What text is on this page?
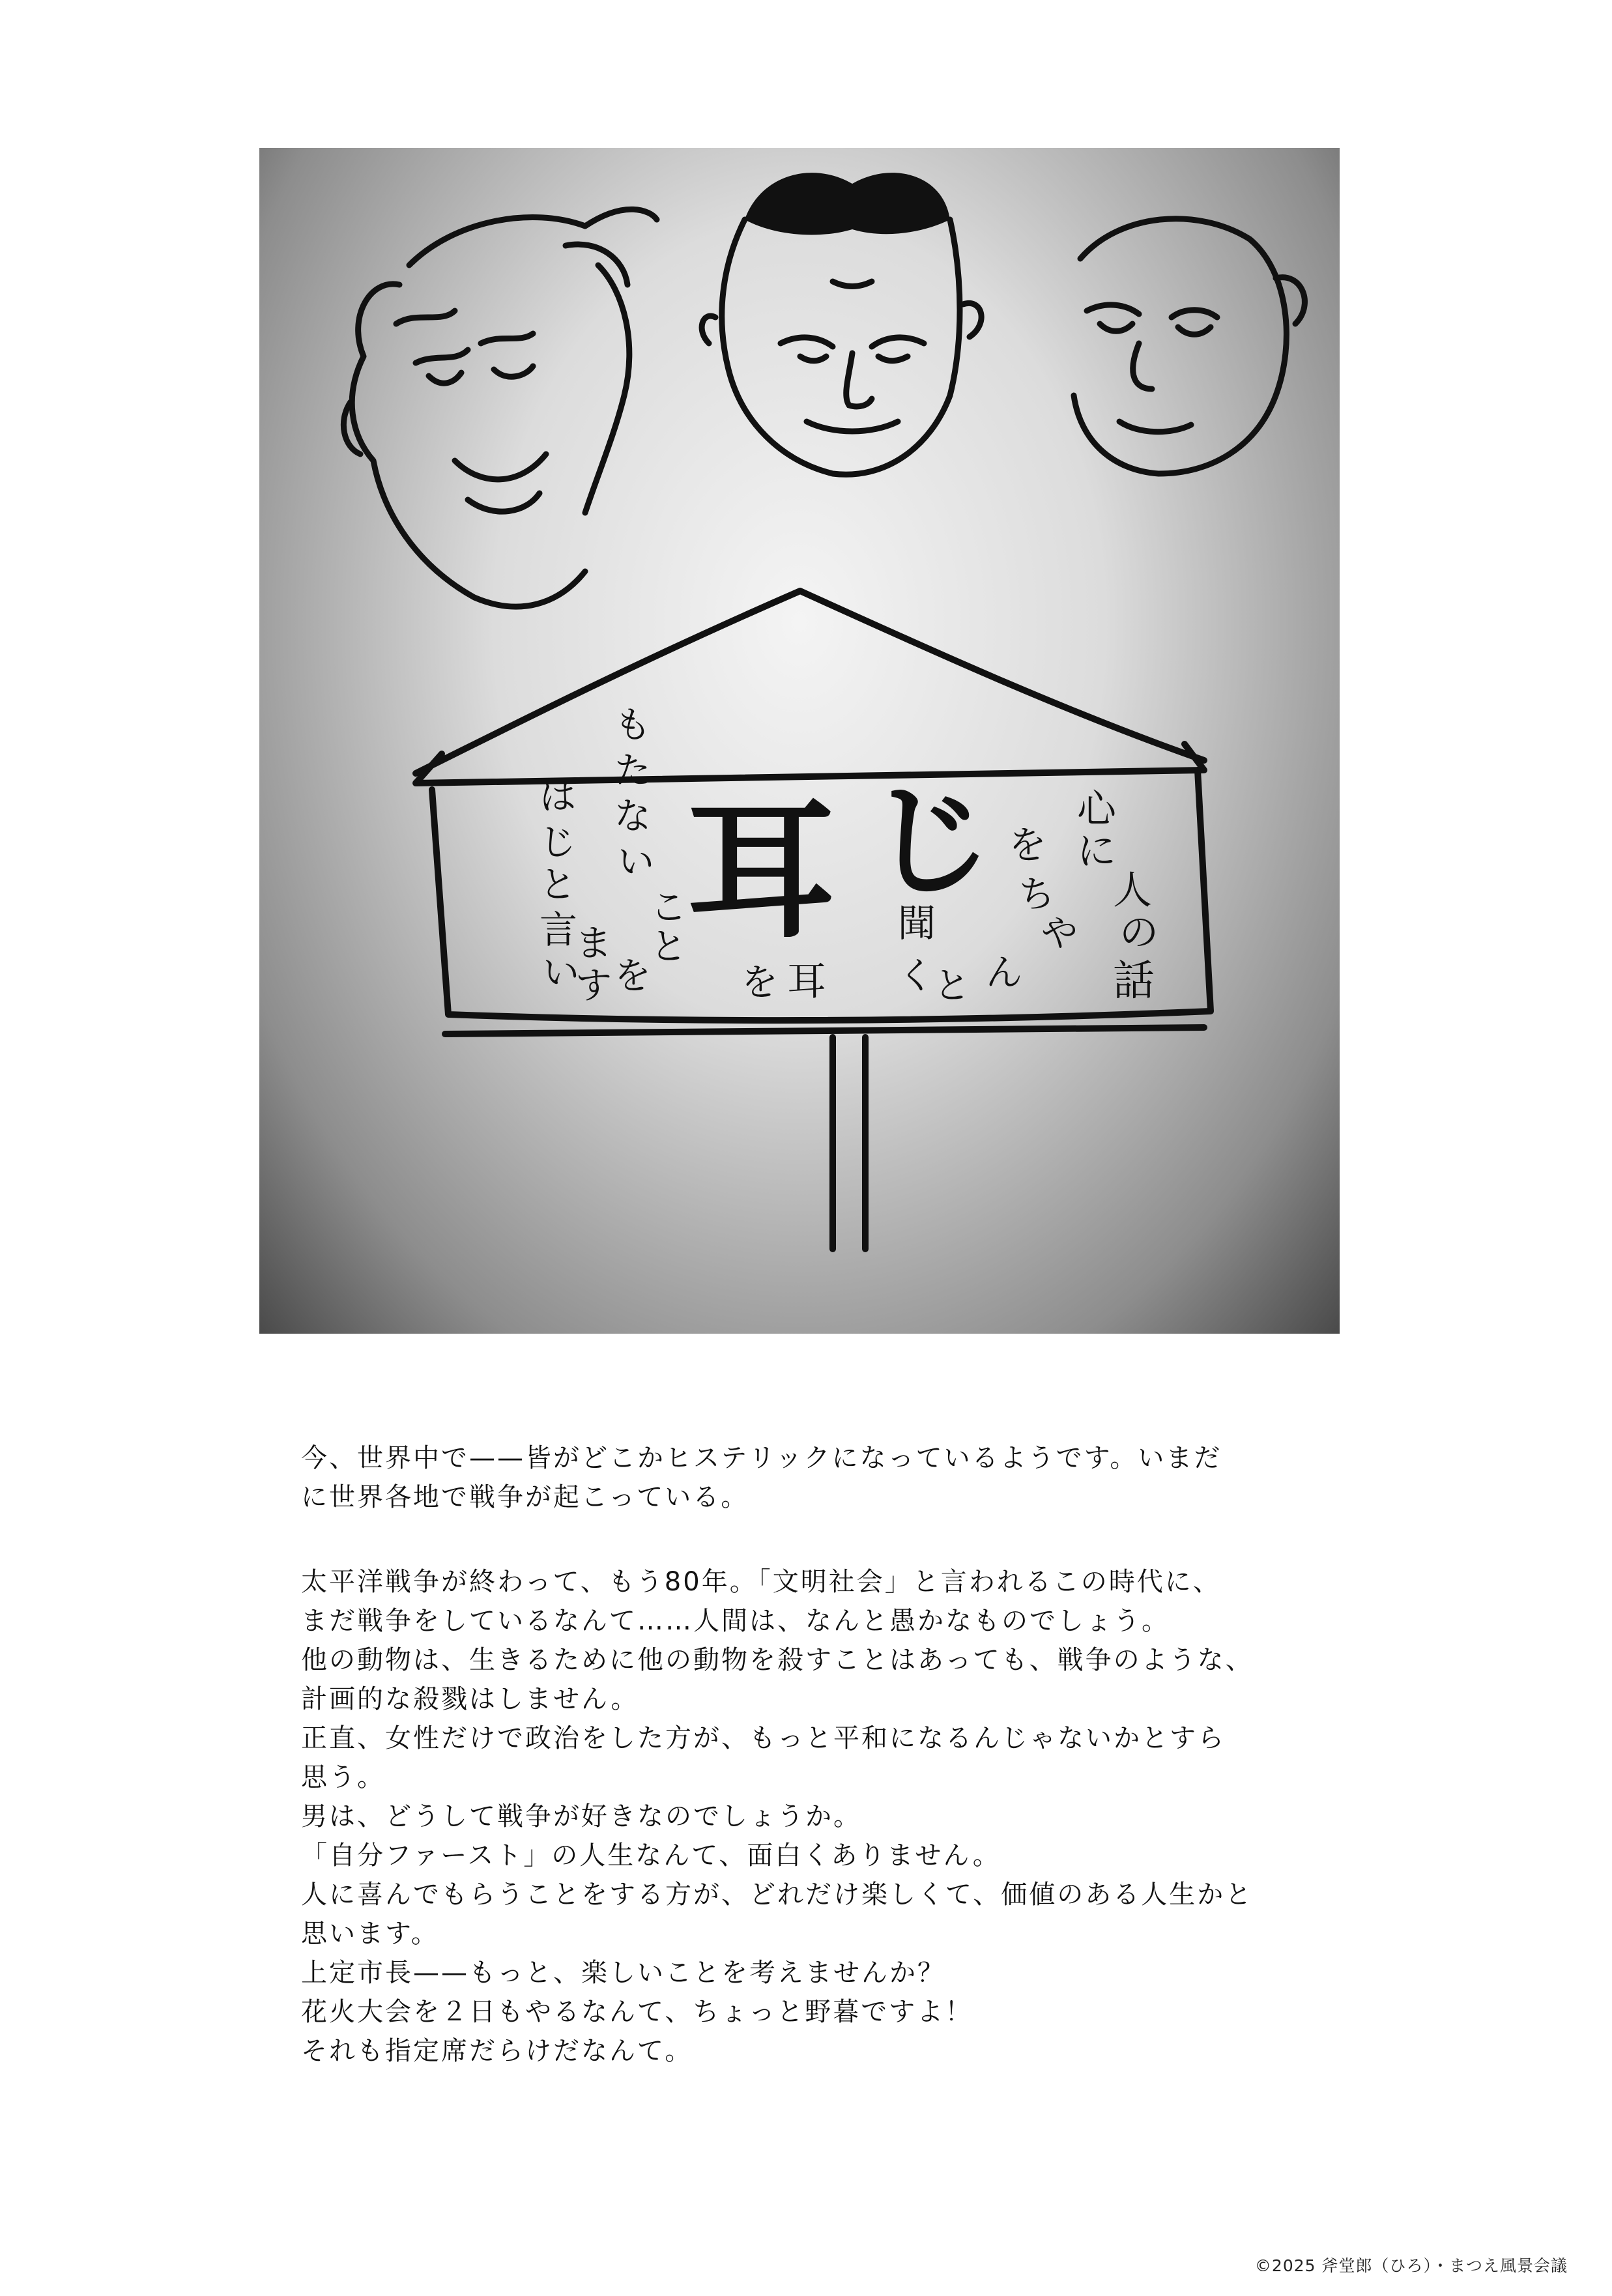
耳 じ 心
に
人
の
話
を
ち
や
ん
と
聞
く
を 耳
も
た
な
い
こ
と
を
は
じ
と
言
い
ま
す

今、世界中で——皆がどこかヒステリックになっているようです。いまだ
に世界各地で戦争が起こっている。

太平洋戦争が終わって、もう80年。「文明社会」と言われるこの時代に、
まだ戦争をしているなんて……人間は、なんと愚かなものでしょう。
他の動物は、生きるために他の動物を殺すことはあっても、戦争のような、
計画的な殺戮はしません。
正直、女性だけで政治をした方が、もっと平和になるんじゃないかとすら
思う。
男は、どうして戦争が好きなのでしょうか。
「自分ファースト」の人生なんて、面白くありません。
人に喜んでもらうことをする方が、どれだけ楽しくて、価値のある人生かと
思います。
上定市長——もっと、楽しいことを考えませんか？
花火大会を２日もやるなんて、ちょっと野暮ですよ！
それも指定席だらけだなんて。

©2025 斧堂郎（ひろ）・まつえ風景会議
